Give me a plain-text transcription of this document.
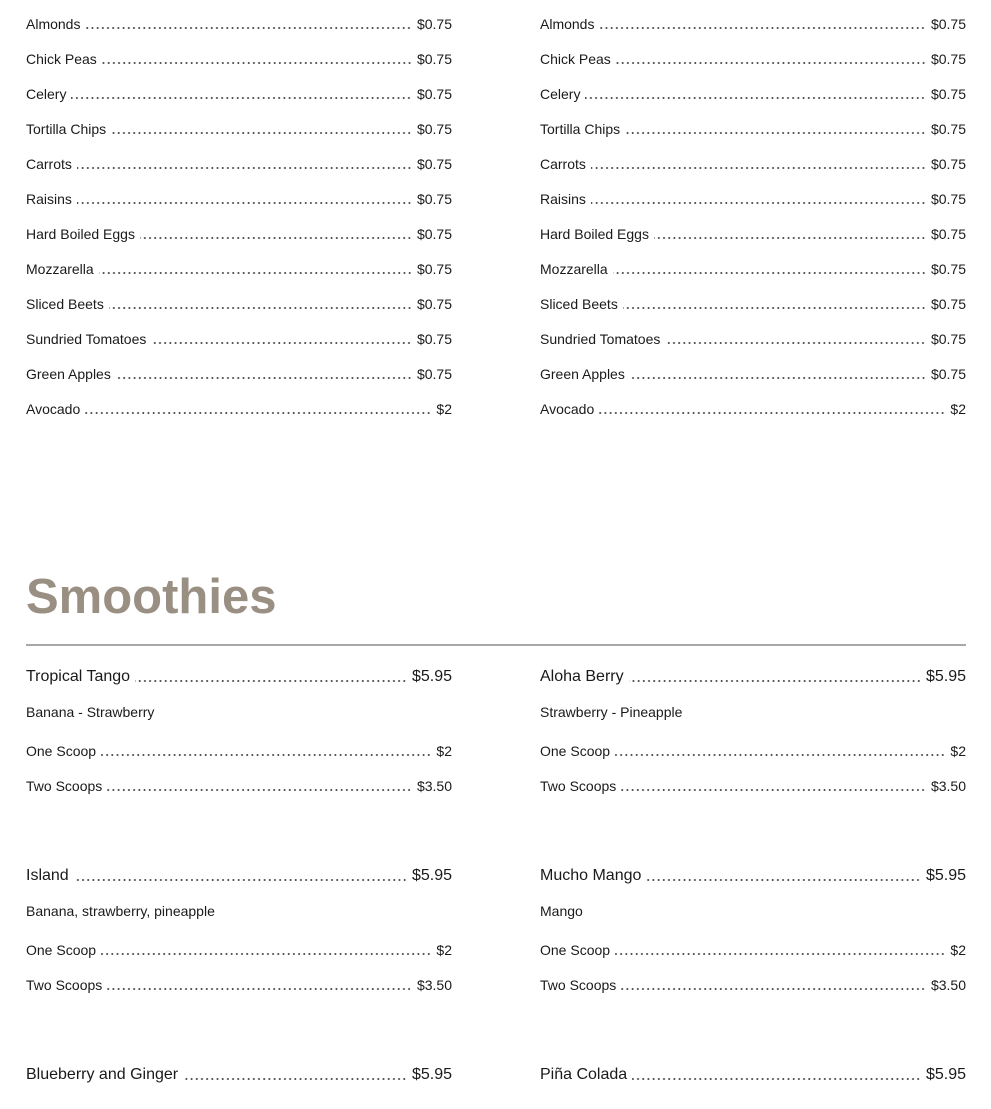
Almonds	$0.75
Chick Peas	$0.75
Celery	$0.75
Tortilla Chips	$0.75
Carrots	$0.75
Raisins	$0.75
Hard Boiled Eggs	$0.75
Mozzarella	$0.75
Sliced Beets	$0.75
Sundried Tomatoes	$0.75
Green Apples	$0.75
Avocado	$2
Almonds	$0.75
Chick Peas	$0.75
Celery	$0.75
Tortilla Chips	$0.75
Carrots	$0.75
Raisins	$0.75
Hard Boiled Eggs	$0.75
Mozzarella	$0.75
Sliced Beets	$0.75
Sundried Tomatoes	$0.75
Green Apples	$0.75
Avocado	$2
Smoothies
Tropical Tango	$5.95
Banana - Strawberry
One Scoop	$2
Two Scoops	$3.50
Island	$5.95
Banana, strawberry, pineapple
One Scoop	$2
Two Scoops	$3.50
Blueberry and Ginger	$5.95
Aloha Berry	$5.95
Strawberry - Pineapple
One Scoop	$2
Two Scoops	$3.50
Mucho Mango	$5.95
Mango
One Scoop	$2
Two Scoops	$3.50
Piña Colada	$5.95
